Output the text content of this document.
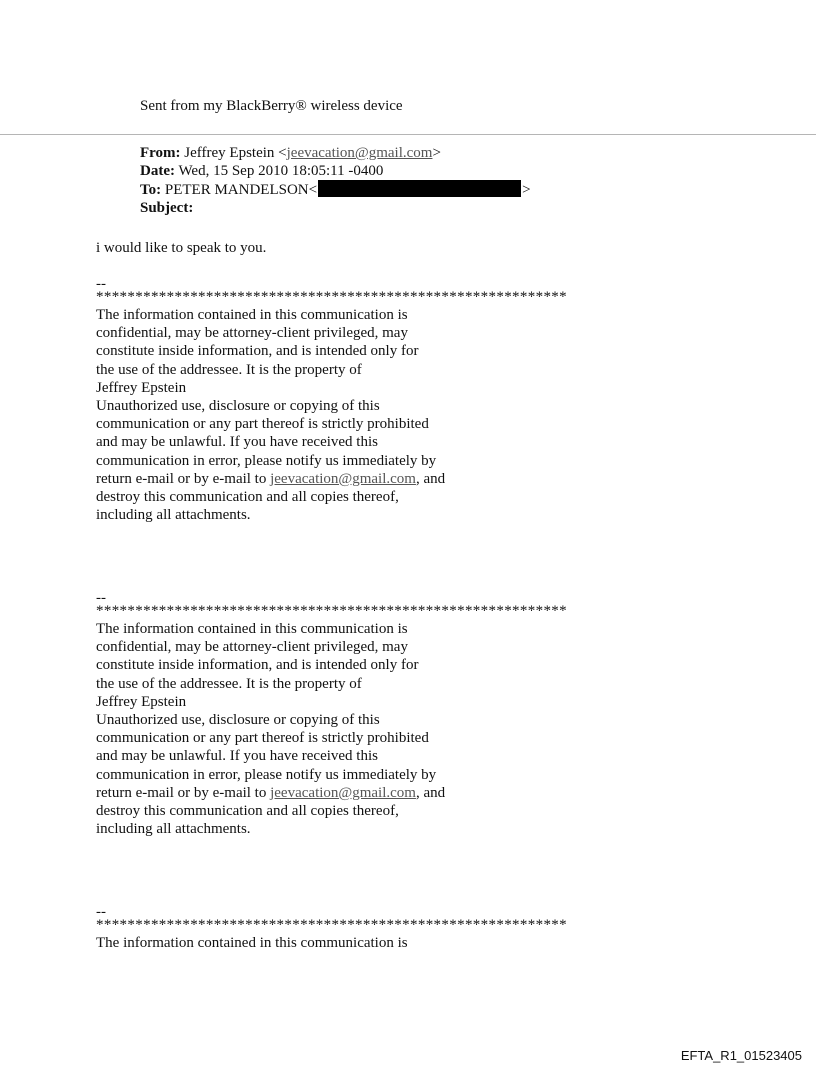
Sent from my BlackBerry® wireless device
From: Jeffrey Epstein <jeevacation@gmail.com>
Date: Wed, 15 Sep 2010 18:05:11 -0400
To: PETER MANDELSON<	>
Subject:
i would like to speak to you.
--
************************************************************
The information contained in this communication is
confidential, may be attorney-client privileged, may
constitute inside information, and is intended only for
the use of the addressee. It is the property of
Jeffrey Epstein
Unauthorized use, disclosure or copying of this
communication or any part thereof is strictly prohibited
and may be unlawful. If you have received this
communication in error, please notify us immediately by
return e-mail or by e-mail to jeevacation@gmail.com, and
destroy this communication and all copies thereof,
including all attachments.
--
************************************************************
The information contained in this communication is
confidential, may be attorney-client privileged, may
constitute inside information, and is intended only for
the use of the addressee. It is the property of
Jeffrey Epstein
Unauthorized use, disclosure or copying of this
communication or any part thereof is strictly prohibited
and may be unlawful. If you have received this
communication in error, please notify us immediately by
return e-mail or by e-mail to jeevacation@gmail.com, and
destroy this communication and all copies thereof,
including all attachments.
--
************************************************************
The information contained in this communication is
EFTA_R1_01523405
